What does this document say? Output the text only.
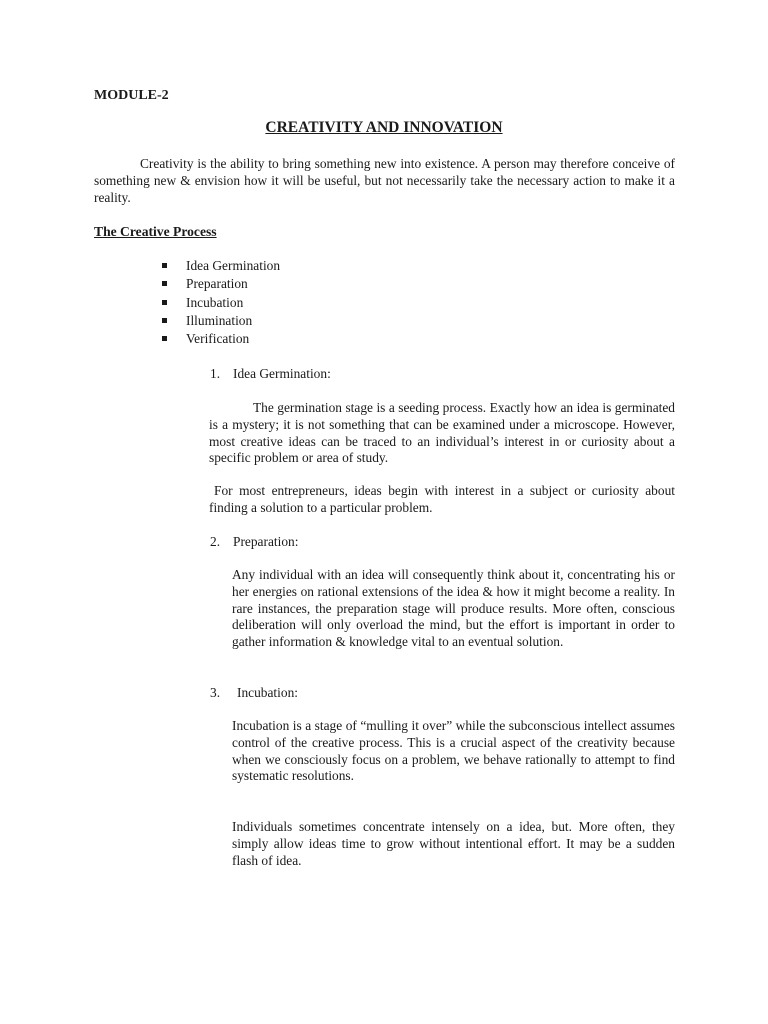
MODULE-2
CREATIVITY AND INNOVATION

Creativity is the ability to bring something new into existence. A person may therefore conceive of something new & envision how it will be useful, but not necessarily take the necessary action to make it a reality.

The Creative Process
Idea Germination
Preparation
Incubation
Illumination
Verification
1. Idea Germination:

The germination stage is a seeding process. Exactly how an idea is germinated is a mystery; it is not something that can be examined under a microscope. However, most creative ideas can be traced to an individual’s interest in or curiosity about a specific problem or area of study.

For most entrepreneurs, ideas begin with interest in a subject or curiosity about finding a solution to a particular problem.

2. Preparation:

Any individual with an idea will consequently think about it, concentrating his or her energies on rational extensions of the idea & how it might become a reality. In rare instances, the preparation stage will produce results. More often, conscious deliberation will only overload the mind, but the effort is important in order to gather information & knowledge vital to an eventual solution.

3. Incubation:

Incubation is a stage of “mulling it over” while the subconscious intellect assumes control of the creative process. This is a crucial aspect of the creativity because when we consciously focus on a problem, we behave rationally to attempt to find systematic resolutions.

Individuals sometimes concentrate intensely on a idea, but. More often, they simply allow ideas time to grow without intentional effort. It may be a sudden flash of idea.
